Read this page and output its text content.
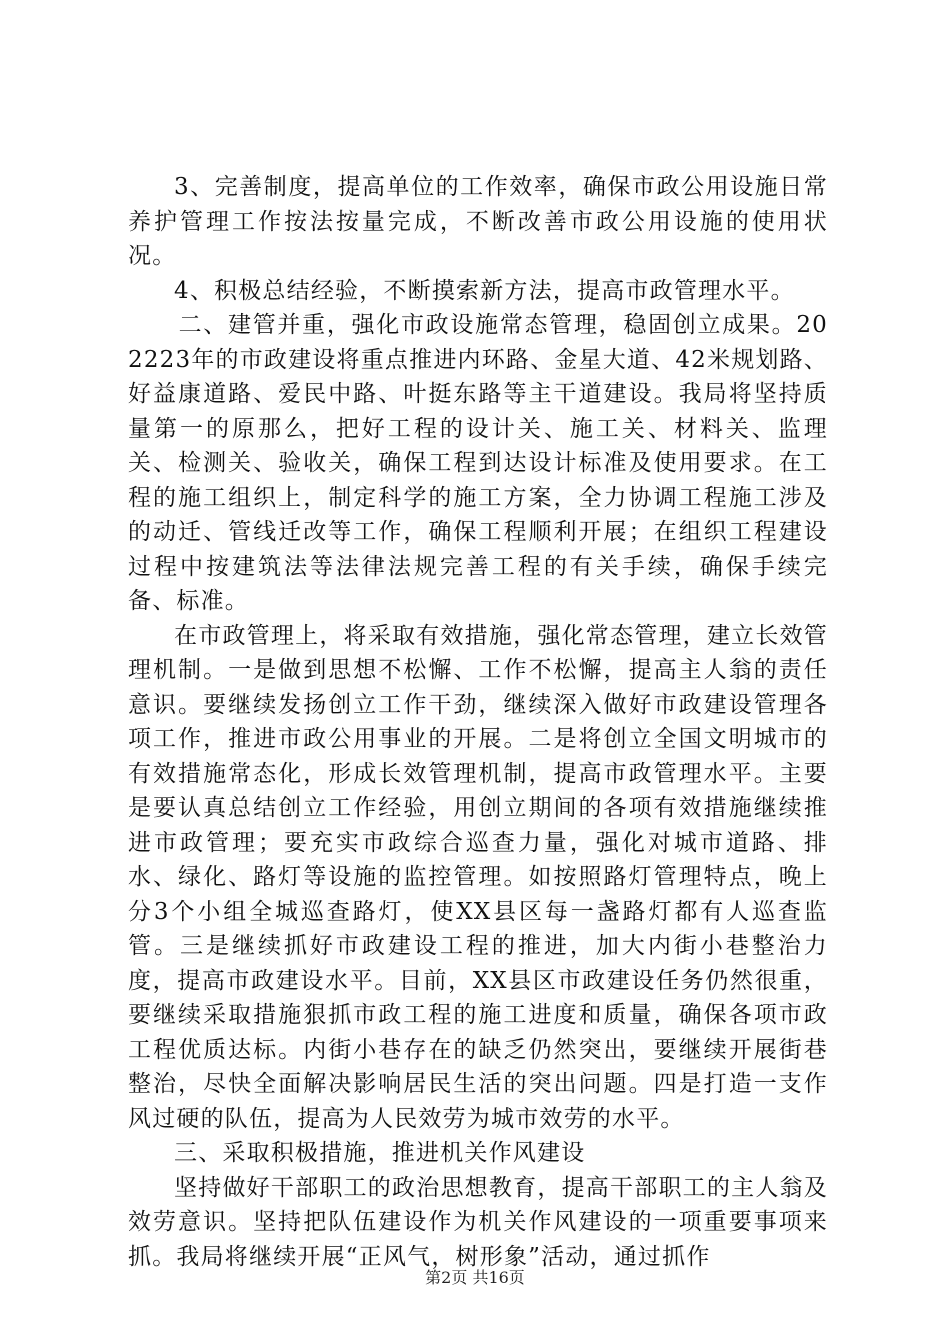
3、完善制度，提高单位的工作效率，确保市政公用设施日常养护管理工作按法按量完成，不断改善市政公用设施的使用状况。

4、积极总结经验，不断摸索新方法，提高市政管理水平。

二、建管并重，强化市政设施常态管理，稳固创立成果。202223年的市政建设将重点推进内环路、金星大道、42米规划路、好益康道路、爱民中路、叶挺东路等主干道建设。我局将坚持质量第一的原那么，把好工程的设计关、施工关、材料关、监理关、检测关、验收关，确保工程到达设计标准及使用要求。在工程的施工组织上，制定科学的施工方案，全力协调工程施工涉及的动迁、管线迁改等工作，确保工程顺利开展；在组织工程建设过程中按建筑法等法律法规完善工程的有关手续，确保手续完备、标准。

在市政管理上，将采取有效措施，强化常态管理，建立长效管理机制。一是做到思想不松懈、工作不松懈，提高主人翁的责任意识。要继续发扬创立工作干劲，继续深入做好市政建设管理各项工作，推进市政公用事业的开展。二是将创立全国文明城市的有效措施常态化，形成长效管理机制，提高市政管理水平。主要是要认真总结创立工作经验，用创立期间的各项有效措施继续推进市政管理；要充实市政综合巡查力量，强化对城市道路、排水、绿化、路灯等设施的监控管理。如按照路灯管理特点，晚上分3个小组全城巡查路灯，使XX县区每一盏路灯都有人巡查监管。三是继续抓好市政建设工程的推进，加大内街小巷整治力度，提高市政建设水平。目前，XX县区市政建设任务仍然很重，要继续采取措施狠抓市政工程的施工进度和质量，确保各项市政工程优质达标。内街小巷存在的缺乏仍然突出，要继续开展街巷整治，尽快全面解决影响居民生活的突出问题。四是打造一支作风过硬的队伍，提高为人民效劳为城市效劳的水平。

三、采取积极措施，推进机关作风建设

坚持做好干部职工的政治思想教育，提高干部职工的主人翁及效劳意识。坚持把队伍建设作为机关作风建设的一项重要事项来抓。我局将继续开展“正风气，树形象”活动，通过抓作

第2页 共16页
